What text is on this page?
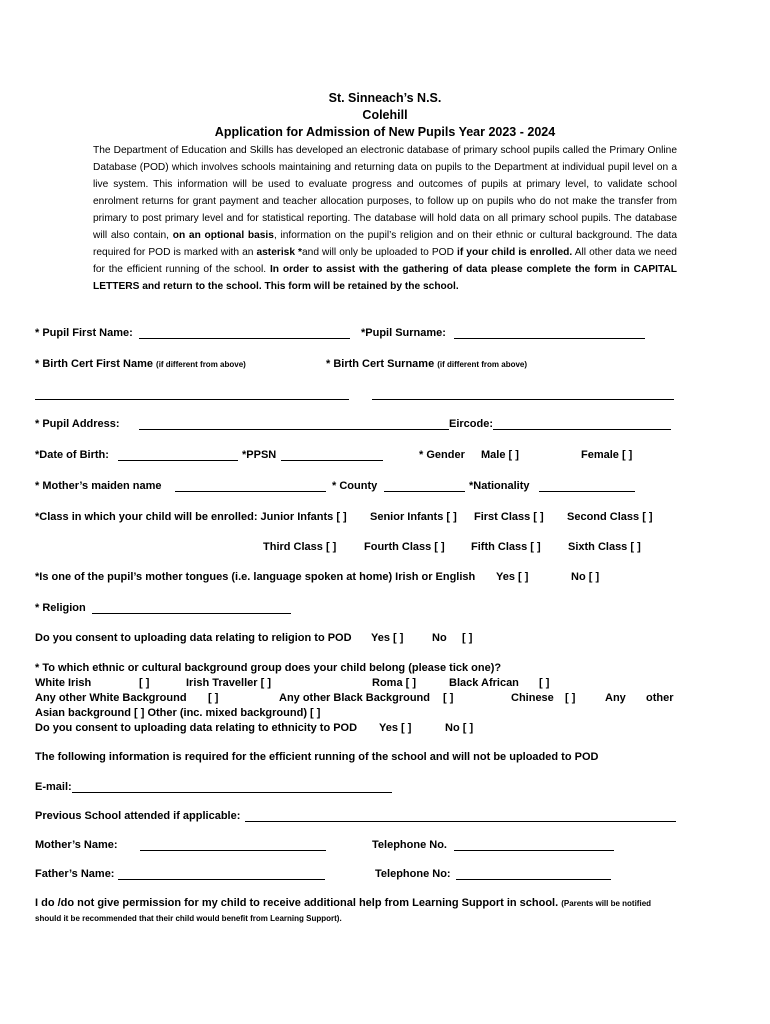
St. Sinneach’s N.S.
Colehill
Application for Admission of New Pupils Year 2023 - 2024
The Department of Education and Skills has developed an electronic database of primary school pupils called the Primary Online Database (POD) which involves schools maintaining and returning data on pupils to the Department at individual pupil level on a live system. This information will be used to evaluate progress and outcomes of pupils at primary level, to validate school enrolment returns for grant payment and teacher allocation purposes, to follow up on pupils who do not make the transfer from primary to post primary level and for statistical reporting. The database will hold data on all primary school pupils. The database will also contain, on an optional basis, information on the pupil’s religion and on their ethnic or cultural background. The data required for POD is marked with an asterisk *and will only be uploaded to POD if your child is enrolled. All other data we need for the efficient running of the school. In order to assist with the gathering of data please complete the form in CAPITAL LETTERS and return to the school. This form will be retained by the school.
* Pupil First Name:	*Pupil Surname:
* Birth Cert First Name (if different from above)	* Birth Cert Surname (if different from above)
* Pupil Address:	Eircode:
*Date of Birth:	*PPSN	* Gender Male [ ]	Female [ ]
* Mother’s maiden name	* County	*Nationality
*Class in which your child will be enrolled: Junior Infants [ ] Senior Infants [ ] First Class [ ] Second Class [ ]
Third Class [ ]	Fourth Class [ ] Fifth Class [ ] Sixth Class [ ]
*Is one of the pupil’s mother tongues (i.e. language spoken at home) Irish or English Yes [ ]	No [ ]
* Religion
Do you consent to uploading data relating to religion to POD Yes [ ]	No [ ]
* To which ethnic or cultural background group does your child belong (please tick one)?
White Irish	[ ]	Irish Traveller [ ]	Roma [ ]	Black African [ ]
Any other White Background [ ]	Any other Black Background [ ]	Chinese [ ]	Any other
Asian background [ ] Other (inc. mixed background) [ ]
Do you consent to uploading data relating to ethnicity to POD Yes [ ]	No [ ]
The following information is required for the efficient running of the school and will not be uploaded to POD
E-mail:
Previous School attended if applicable:
Mother’s Name:	Telephone No.
Father’s Name:	Telephone No:
I do /do not give permission for my child to receive additional help from Learning Support in school. (Parents will be notified
should it be recommended that their child would benefit from Learning Support).
